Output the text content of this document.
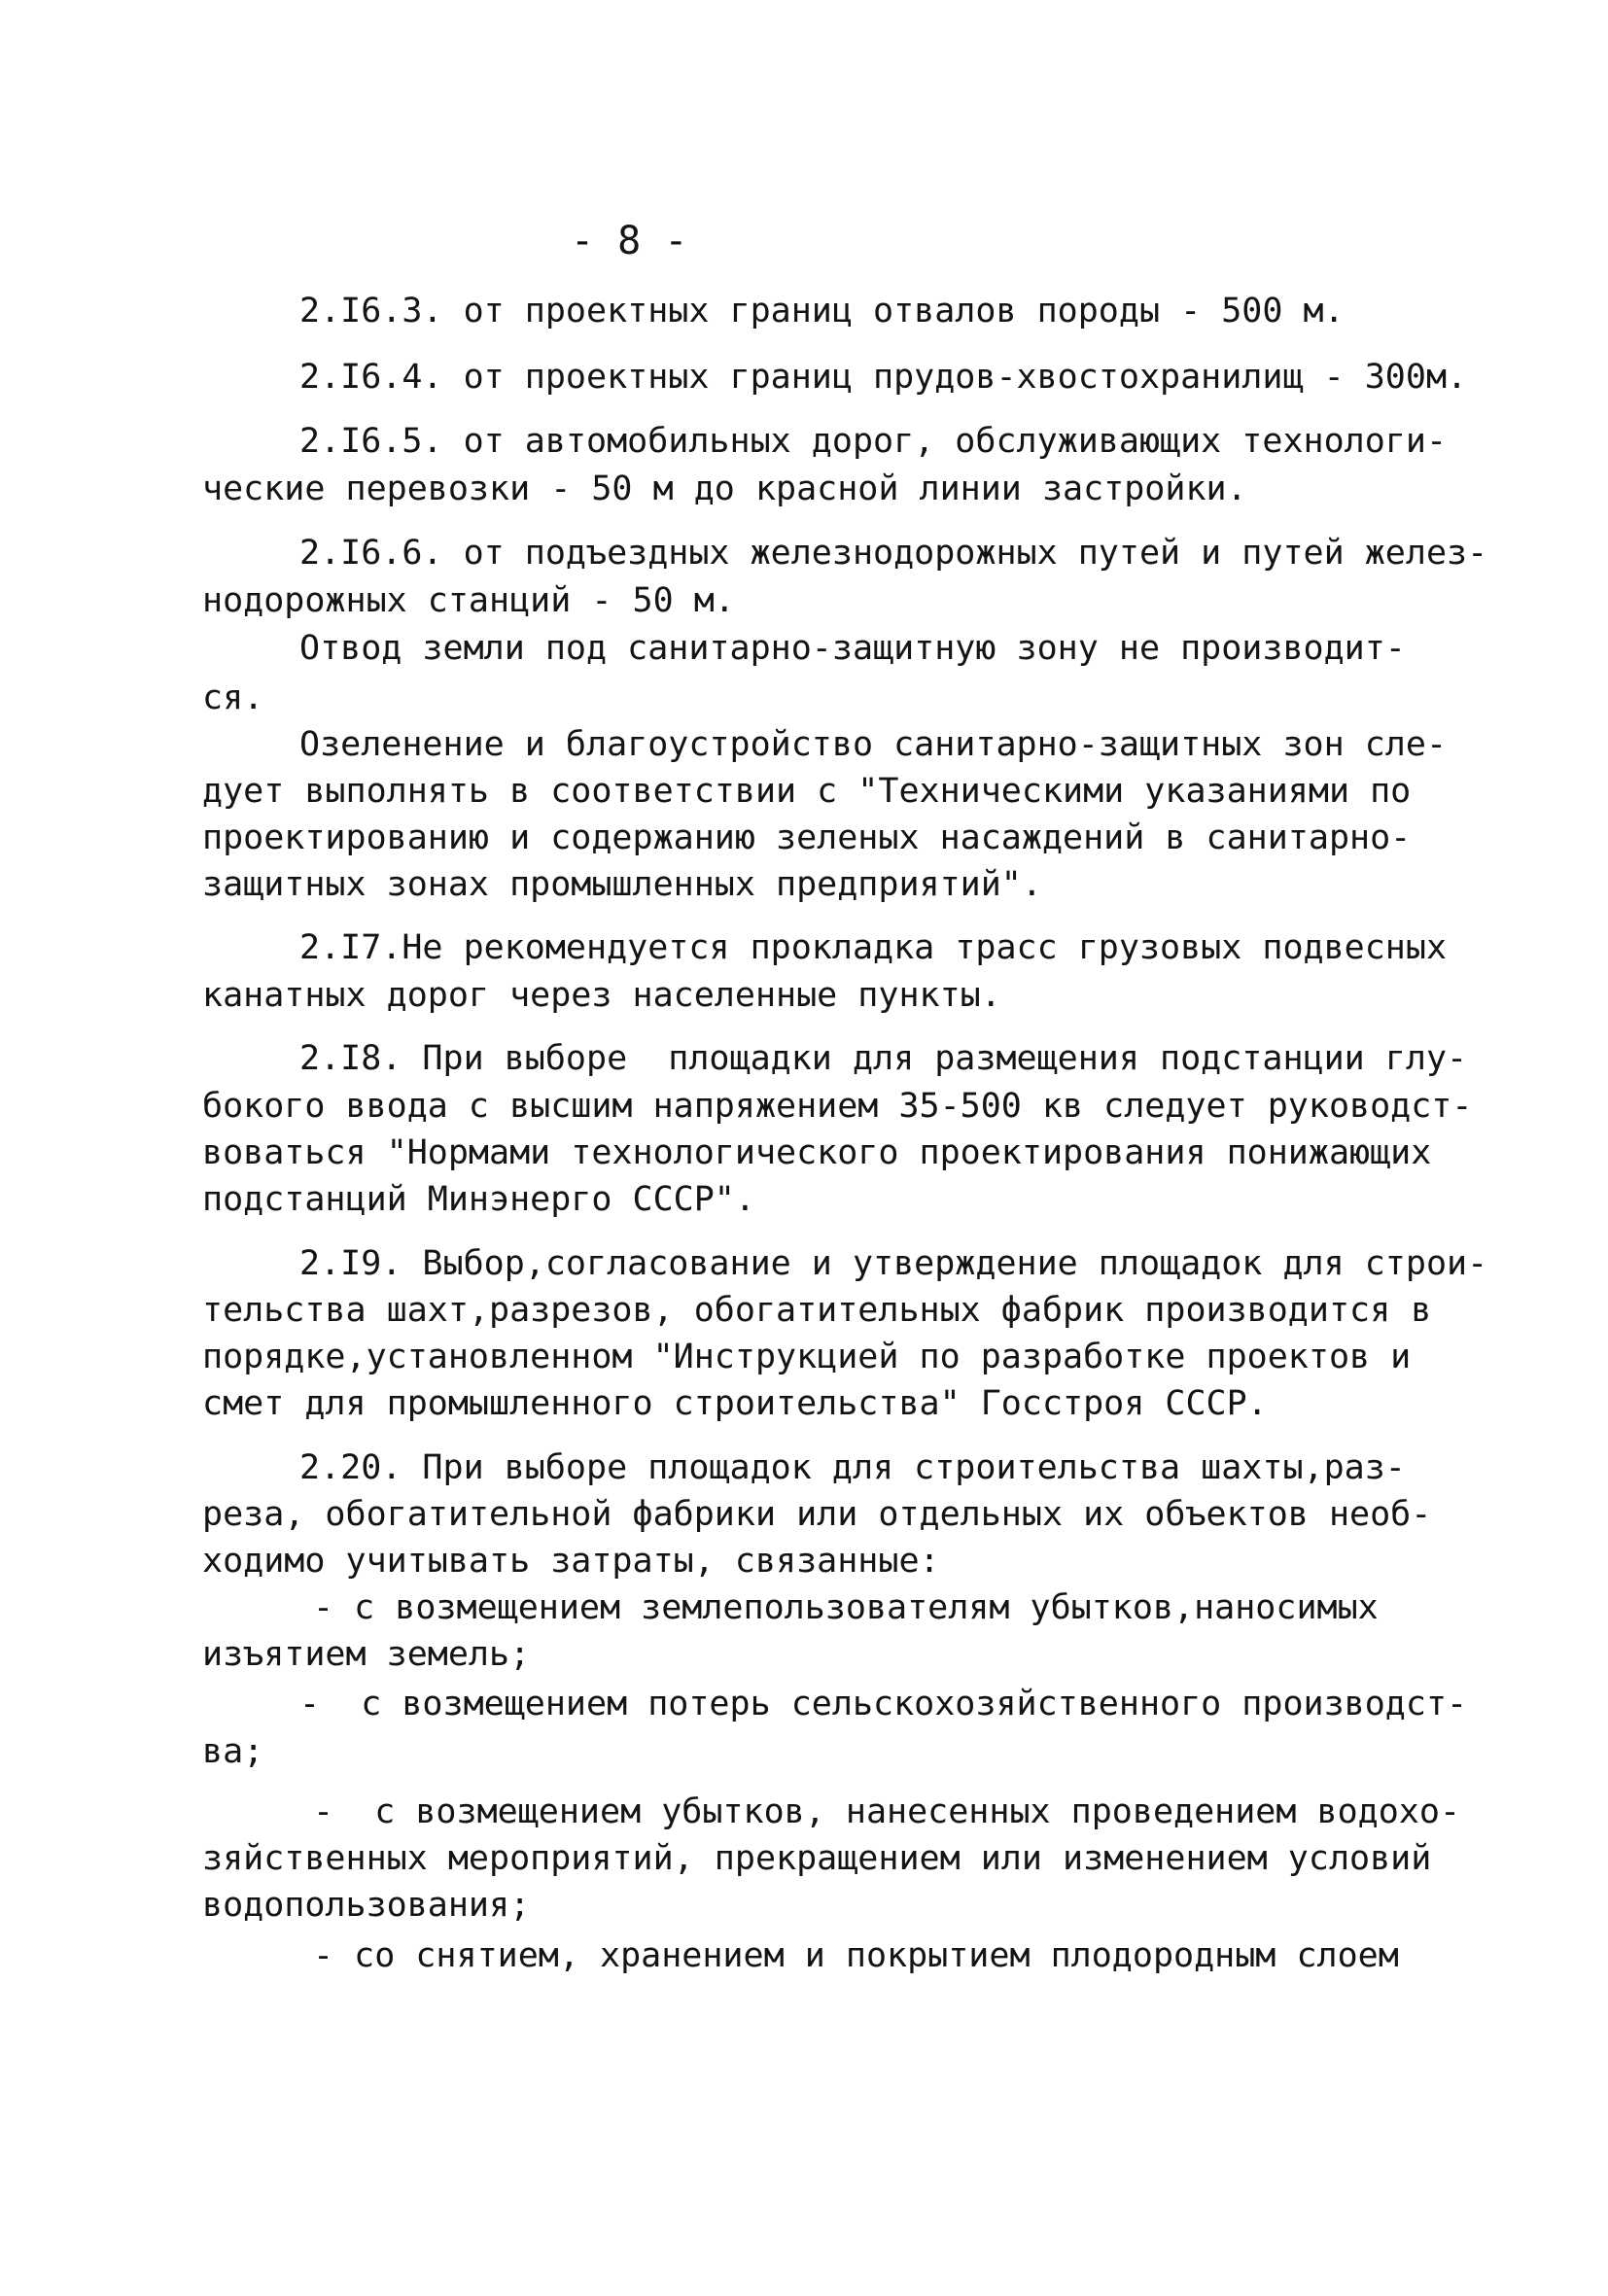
- 8 -
2.I6.3. от проектных границ отвалов породы - 500 м.
2.I6.4. от проектных границ прудов-хвостохранилищ - 300м.
2.I6.5. от автомобильных дорог, обслуживающих технологи-
ческие перевозки - 50 м до красной линии застройки.
2.I6.6. от подъездных железнодорожных путей и путей желез-
нодорожных станций - 50 м.
Отвод земли под санитарно-защитную зону не производит-
ся.
Озеленение и благоустройство санитарно-защитных зон сле-
дует выполнять в соответствии с "Техническими указаниями по
проектированию и содержанию зеленых насаждений в санитарно-
защитных зонах промышленных предприятий".
2.I7.Не рекомендуется прокладка трасс грузовых подвесных
канатных дорог через населенные пункты.
2.I8. При выборе  площадки для размещения подстанции глу-
бокого ввода с высшим напряжением 35-500 кв следует руководст-
воваться "Нормами технологического проектирования понижающих
подстанций Минэнерго СССР".
2.I9. Выбор,согласование и утверждение площадок для строи-
тельства шахт,разрезов, обогатительных фабрик производится в
порядке,установленном "Инструкцией по разработке проектов и
смет для промышленного строительства" Госстроя СССР.
2.20. При выборе площадок для строительства шахты,раз-
реза, обогатительной фабрики или отдельных их объектов необ-
ходимо учитывать затраты, связанные:
- с возмещением землепользователям убытков,наносимых
изъятием земель;
-  с возмещением потерь сельскохозяйственного производст-
ва;
-  с возмещением убытков, нанесенных проведением водохо-
зяйственных мероприятий, прекращением или изменением условий
водопользования;
- со снятием, хранением и покрытием плодородным слоем
